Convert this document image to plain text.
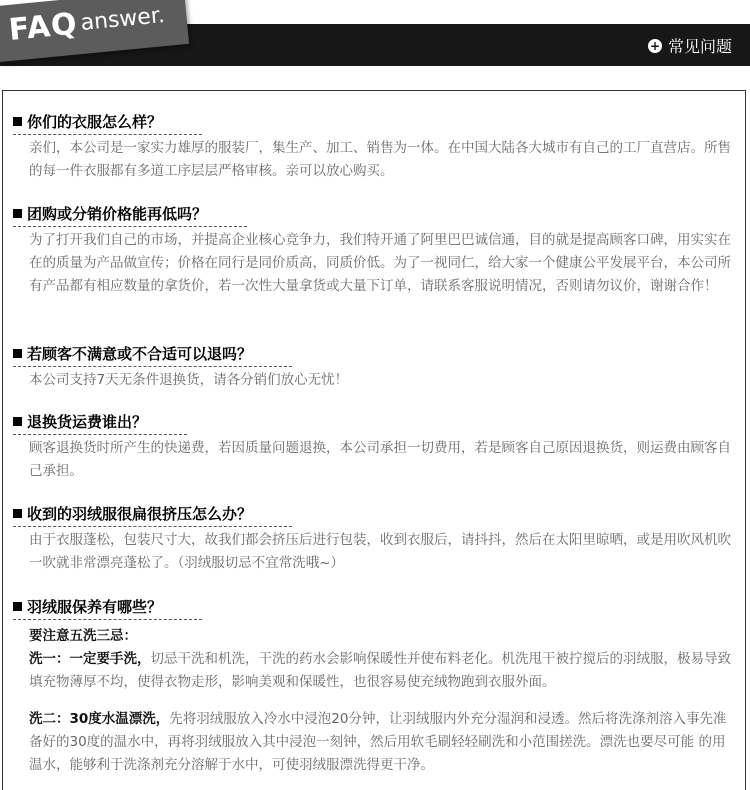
FAQ answer.
+ 常见问题
你们的衣服怎么样？
亲们，本公司是一家实力雄厚的服装厂，集生产、加工、销售为一体。在中国大陆各大城市有自己的工厂直营店。所售的每一件衣服都有多道工序层层严格审核。亲可以放心购买。
团购或分销价格能再低吗？
为了打开我们自己的市场，并提高企业核心竞争力，我们特开通了阿里巴巴诚信通，目的就是提高顾客口碑，用实实在在的质量为产品做宣传；价格在同行是同价质高，同质价低。为了一视同仁，给大家一个健康公平发展平台，本公司所有产品都有相应数量的拿货价，若一次性大量拿货或大量下订单，请联系客服说明情况，否则请勿议价，谢谢合作！
若顾客不满意或不合适可以退吗？
本公司支持7天无条件退换货，请各分销们放心无忧！
退换货运费谁出？
顾客退换货时所产生的快递费，若因质量问题退换，本公司承担一切费用，若是顾客自己原因退换货，则运费由顾客自己承担。
收到的羽绒服很扁很挤压怎么办？
由于衣服蓬松，包装尺寸大，故我们都会挤压后进行包装，收到衣服后，请抖抖，然后在太阳里晾晒，或是用吹风机吹一吹就非常漂亮蓬松了。（羽绒服切忌不宜常洗哦~）
羽绒服保养有哪些？
要注意五洗三忌：
洗一：一定要手洗，切忌干洗和机洗，干洗的药水会影响保暖性并使布料老化。机洗甩干被拧搅后的羽绒服，极易导致填充物薄厚不均，使得衣物走形，影响美观和保暖性，也很容易使充绒物跑到衣服外面。
洗二：30度水温漂洗，先将羽绒服放入冷水中浸泡20分钟，让羽绒服内外充分湿润和浸透。然后将洗涤剂溶入事先准备好的30度的温水中，再将羽绒服放入其中浸泡一刻钟，然后用软毛刷轻轻刷洗和小范围搓洗。漂洗也要尽可能 的用温水，能够利于洗涤剂充分溶解于水中，可使羽绒服漂洗得更干净。
